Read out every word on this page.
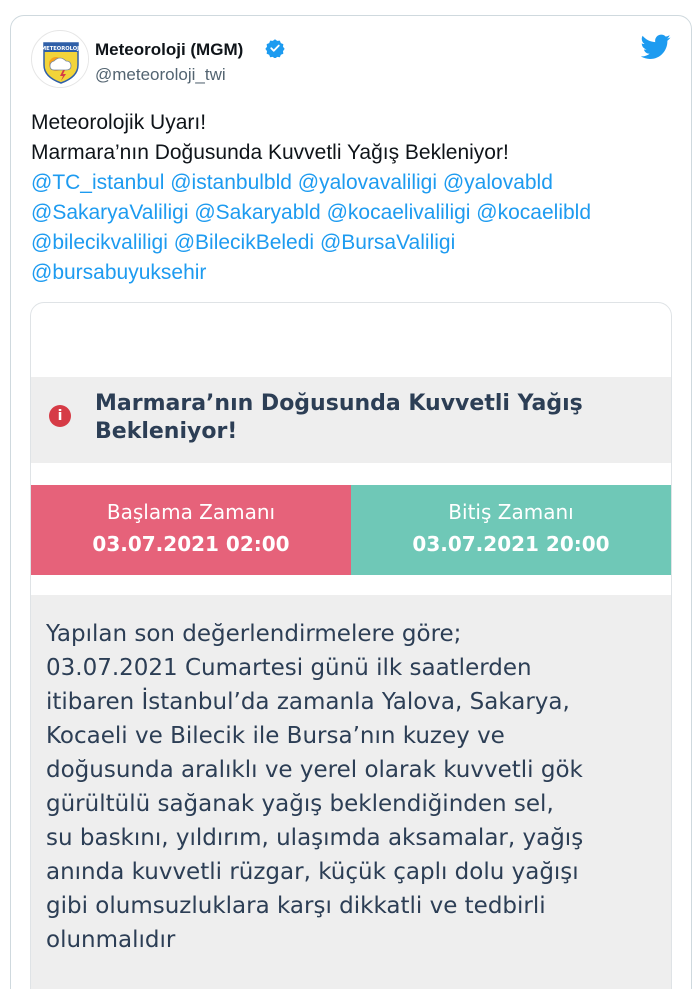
METEOROLOJİ Meteoroloji (MGM)
@meteoroloji_twi
Meteorolojik Uyarı!
Marmara’nın Doğusunda Kuvvetli Yağış Bekleniyor!
@TC_istanbul @istanbulbld @yalovavaliligi @yalovabld
@SakaryaValiligi @Sakaryabld @kocaelivaliligi @kocaelibld
@bilecikvaliligi @BilecikBeledi @BursaValiligi
@bursabuyuksehir
i	Marmara’nın Doğusunda Kuvvetli Yağış
Bekleniyor!
Başlama Zamanı
03.07.2021 02:00
Bitiş Zamanı
03.07.2021 20:00
Yapılan son değerlendirmelere göre;
03.07.2021 Cumartesi günü ilk saatlerden
itibaren İstanbul’da zamanla Yalova, Sakarya,
Kocaeli ve Bilecik ile Bursa’nın kuzey ve
doğusunda aralıklı ve yerel olarak kuvvetli gök
gürültülü sağanak yağış beklendiğinden sel,
su baskını, yıldırım, ulaşımda aksamalar, yağış
anında kuvvetli rüzgar, küçük çaplı dolu yağışı
gibi olumsuzluklara karşı dikkatli ve tedbirli
olunmalıdır
